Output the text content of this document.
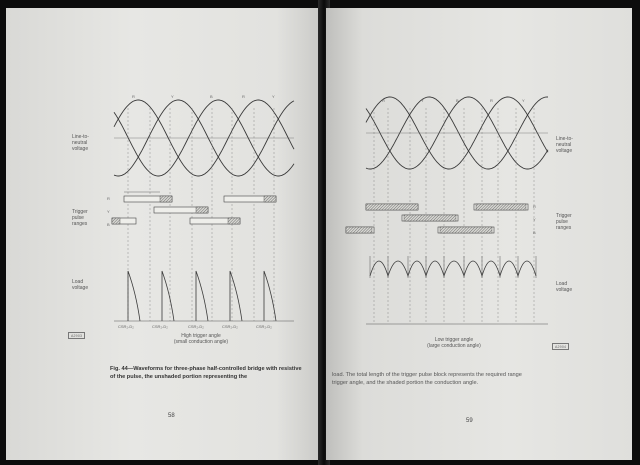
Line-to-
neutral
voltage
Trigger
pulse
ranges
Load
voltage
R	Y	B	R	Y
R
Y
B
CSR₂-D₂	CSR₂-D₂	CSR₂-D₂	CSR₂-D₂	CSR₂-D₂
High trigger angle
(small conduction angle)
A2903
Fig. 44—Waveforms for three-phase half-controlled bridge with resistive
of the pulse, the unshaded portion representing the
58
Line-to-
neutral
voltage
Trigger
pulse
ranges
Load
voltage
R	Y	B	R	Y
R
Y
B
Low trigger angle
(large conduction angle)	A2904
load. The total length of the trigger pulse block represents the required range
trigger angle, and the shaded portion the conduction angle.
59
